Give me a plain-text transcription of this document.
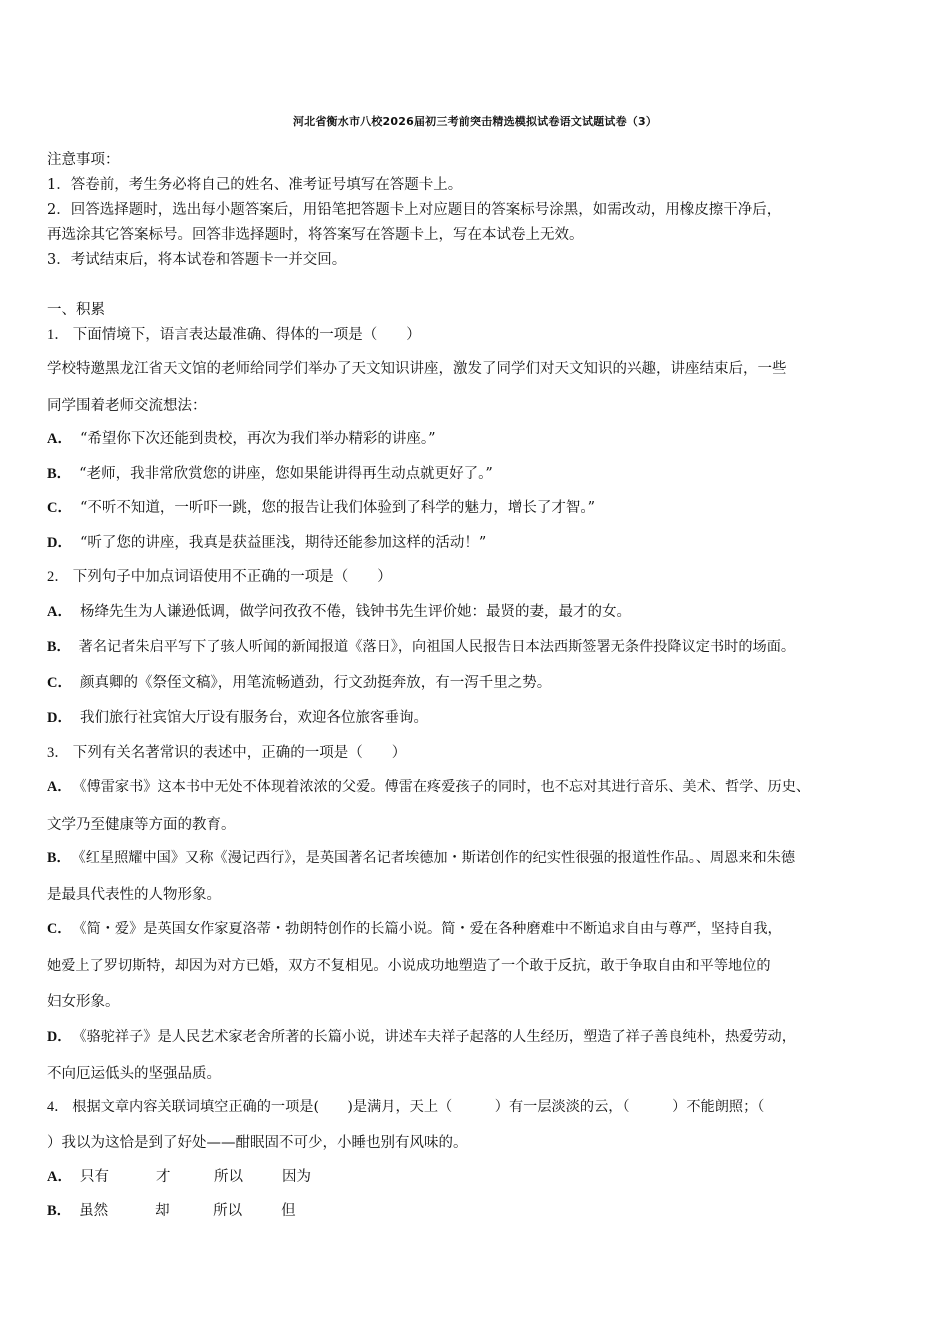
河北省衡水市八校2026届初三考前突击精选模拟试卷语文试题试卷（3）
注意事项：
1．答卷前，考生务必将自己的姓名、准考证号填写在答题卡上。
2．回答选择题时，选出每小题答案后，用铅笔把答题卡上对应题目的答案标号涂黑，如需改动，用橡皮擦干净后，
再选涂其它答案标号。回答非选择题时，将答案写在答题卡上，写在本试卷上无效。
3．考试结束后，将本试卷和答题卡一并交回。
一、积累
1． 下面情境下，语言表达最准确、得体的一项是（　　）
学校特邀黑龙江省天文馆的老师给同学们举办了天文知识讲座，激发了同学们对天文知识的兴趣，讲座结束后，一些
同学围着老师交流想法：
A． “希望你下次还能到贵校，再次为我们举办精彩的讲座。”
B． “老师，我非常欣赏您的讲座，您如果能讲得再生动点就更好了。”
C． “不听不知道，一听吓一跳，您的报告让我们体验到了科学的魅力，增长了才智。”
D． “听了您的讲座，我真是获益匪浅，期待还能参加这样的活动！”
2． 下列句子中加点词语使用不正确的一项是（　　）
A． 杨绛先生为人谦逊低调，做学问孜孜不倦，钱钟书先生评价她：最贤的妻，最才的女。
B． 著名记者朱启平写下了骇人听闻的新闻报道《落日》，向祖国人民报告日本法西斯签署无条件投降议定书时的场面。
C． 颜真卿的《祭侄文稿》，用笔流畅遒劲，行文劲挺奔放，有一泻千里之势。
D． 我们旅行社宾馆大厅设有服务台，欢迎各位旅客垂询。
3． 下列有关名著常识的表述中，正确的一项是（　　）
A． 《傅雷家书》这本书中无处不体现着浓浓的父爱。傅雷在疼爱孩子的同时，也不忘对其进行音乐、美术、哲学、历史、
文学乃至健康等方面的教育。
B． 《红星照耀中国》又称《漫记西行》，是英国著名记者埃德加・斯诺创作的纪实性很强的报道性作品。、周恩来和朱德
是最具代表性的人物形象。
C． 《简・爱》是英国女作家夏洛蒂・勃朗特创作的长篇小说。简・爱在各种磨难中不断追求自由与尊严，坚持自我，
她爱上了罗切斯特，却因为对方已婚，双方不复相见。小说成功地塑造了一个敢于反抗，敢于争取自由和平等地位的
妇女形象。
D． 《骆驼祥子》是人民艺术家老舍所著的长篇小说，讲述车夫祥子起落的人生经历，塑造了祥子善良纯朴，热爱劳动，
不向厄运低头的坚强品质。
4． 根据文章内容关联词填空正确的一项是(　　)是满月，天上（　　　）有一层淡淡的云，（　　　）不能朗照；（
）我以为这恰是到了好处——酣眠固不可少，小睡也别有风味的。
A． 只有	才	所以	因为
B． 虽然	却	所以	但
